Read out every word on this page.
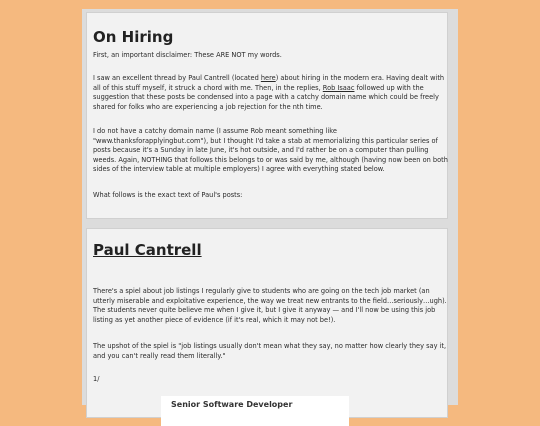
On Hiring

First, an important disclaimer: These ARE NOT my words.

I saw an excellent thread by Paul Cantrell (located here) about hiring in the modern era. Having dealt with all of this stuff myself, it struck a chord with me. Then, in the replies, Rob Isaac followed up with the suggestion that these posts be condensed into a page with a catchy domain name which could be freely shared for folks who are experiencing a job rejection for the nth time.

I do not have a catchy domain name (I assume Rob meant something like "www.thanksforapplyingbut.com"), but I thought I'd take a stab at memorializing this particular series of posts because it's a Sunday in late June, it's hot outside, and I'd rather be on a computer than pulling weeds. Again, NOTHING that follows this belongs to or was said by me, although (having now been on both sides of the interview table at multiple employers) I agree with everything stated below.

What follows is the exact text of Paul's posts:

Paul Cantrell

There's a spiel about job listings I regularly give to students who are going on the tech job market (an utterly miserable and exploitative experience, the way we treat new entrants to the field…seriously…ugh). The students never quite believe me when I give it, but I give it anyway — and I'll now be using this job listing as yet another piece of evidence (if it's real, which it may not be!).

The upshot of the spiel is "job listings usually don't mean what they say, no matter how clearly they say it, and you can't really read them literally."

1/

Senior Software Developer
